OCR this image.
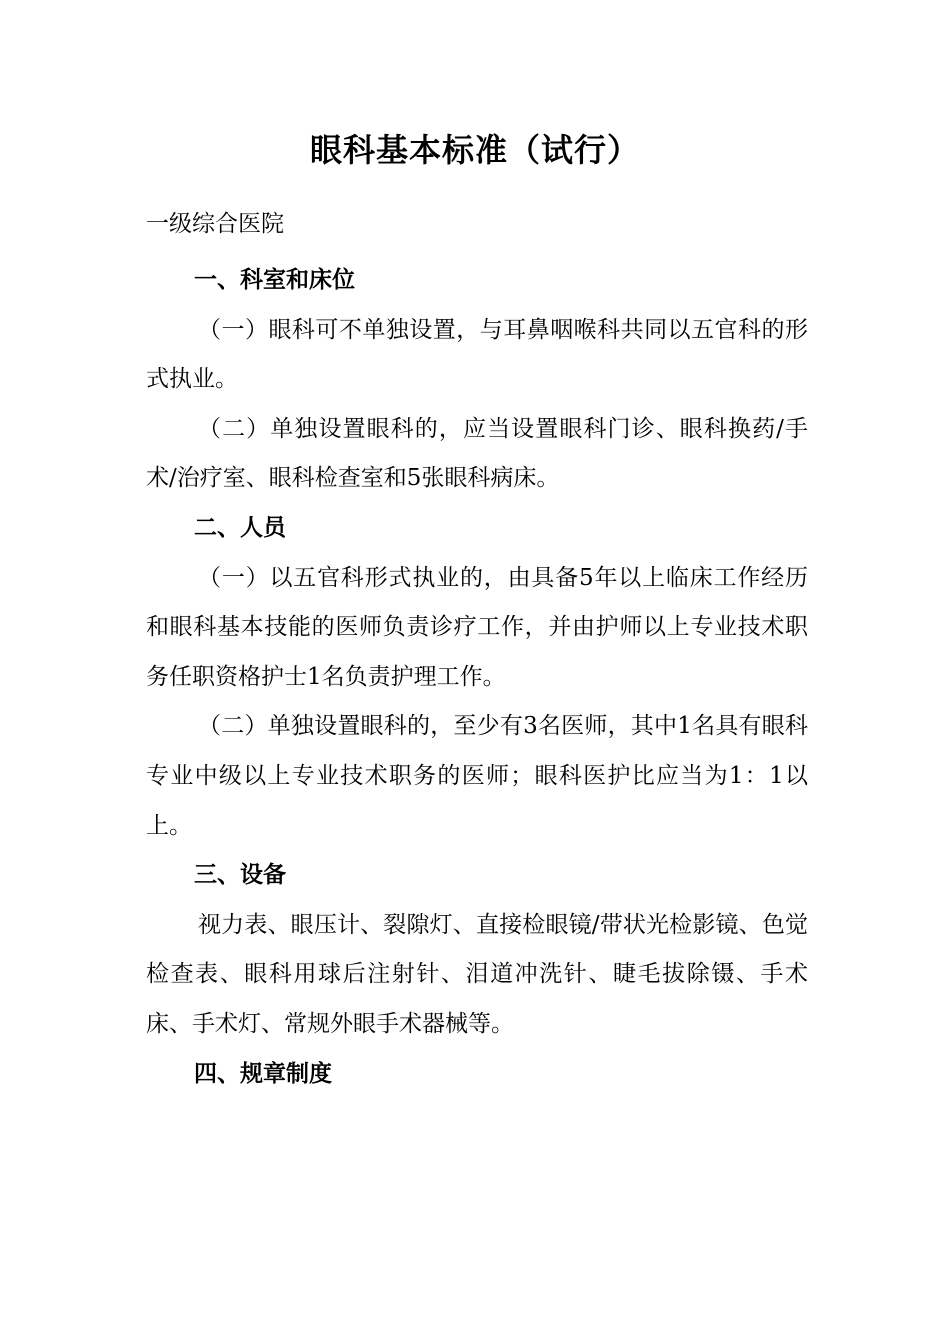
眼科基本标准（试行）
一级综合医院

一、科室和床位

（一）眼科可不单独设置，与耳鼻咽喉科共同以五官科的形式执业。

（二）单独设置眼科的，应当设置眼科门诊、眼科换药/手术/治疗室、眼科检查室和5张眼科病床。

二、人员

（一）以五官科形式执业的，由具备5年以上临床工作经历和眼科基本技能的医师负责诊疗工作，并由护师以上专业技术职务任职资格护士1名负责护理工作。

（二）单独设置眼科的，至少有3名医师，其中1名具有眼科专业中级以上专业技术职务的医师；眼科医护比应当为1：1以上。

三、设备

视力表、眼压计、裂隙灯、直接检眼镜/带状光检影镜、色觉检查表、眼科用球后注射针、泪道冲洗针、睫毛拔除镊、手术床、手术灯、常规外眼手术器械等。

四、规章制度
